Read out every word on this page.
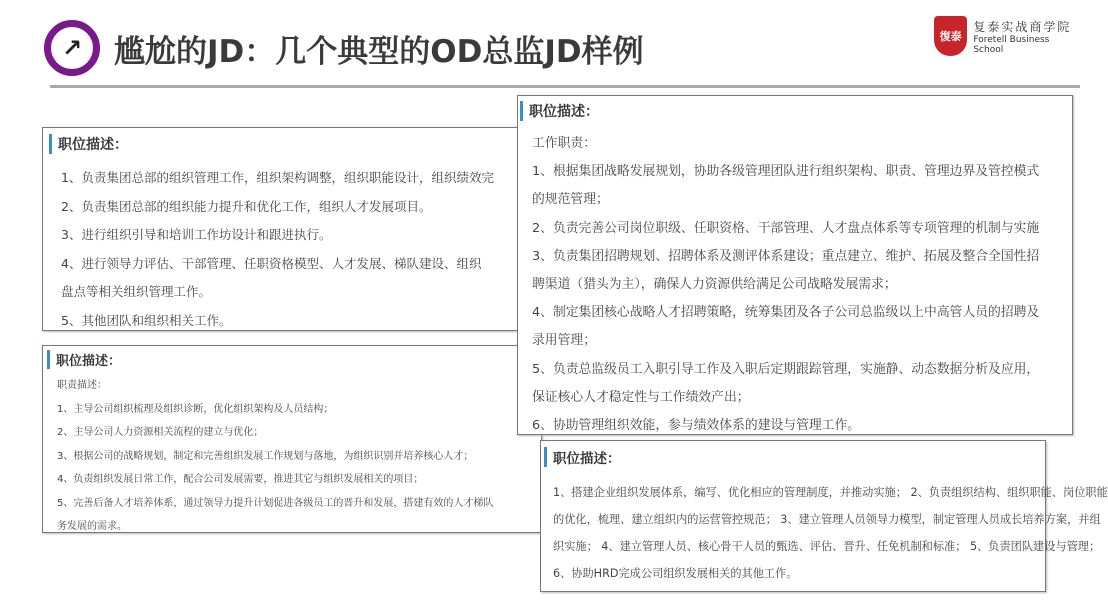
↗	尴尬的JD：几个典型的OD总监JD样例	復泰
复泰实战商学院
Foretell Business School
职位描述：
1、负责集团总部的组织管理工作，组织架构调整，组织职能设计，组织绩效完
2、负责集团总部的组织能力提升和优化工作，组织人才发展项目。
3、进行组织引导和培训工作坊设计和跟进执行。
4、进行领导力评估、干部管理、任职资格模型、人才发展、梯队建设、组织
盘点等相关组织管理工作。
5、其他团队和组织相关工作。
职位描述：
职责描述：
1、主导公司组织梳理及组织诊断，优化组织架构及人员结构；
2、主导公司人力资源相关流程的建立与优化；
3、根据公司的战略规划，制定和完善组织发展工作规划与落地，为组织识别并培养核心人才；
4、负责组织发展日常工作，配合公司发展需要，推进其它与组织发展相关的项目；
5、完善后备人才培养体系，通过领导力提升计划促进各级员工的晋升和发展，搭建有效的人才梯队
务发展的需求。
职位描述：
工作职责：
1、根据集团战略发展规划，协助各级管理团队进行组织架构、职责、管理边界及管控模式
的规范管理；
2、负责完善公司岗位职级、任职资格、干部管理、人才盘点体系等专项管理的机制与实施
3、负责集团招聘规划、招聘体系及测评体系建设；重点建立、维护、拓展及整合全国性招
聘渠道（猎头为主），确保人力资源供给满足公司战略发展需求；
4、制定集团核心战略人才招聘策略，统筹集团及各子公司总监级以上中高管人员的招聘及
录用管理；
5、负责总监级员工入职引导工作及入职后定期跟踪管理，实施静、动态数据分析及应用，
保证核心人才稳定性与工作绩效产出；
6、协助管理组织效能，参与绩效体系的建设与管理工作。
职位描述：
1、搭建企业组织发展体系，编写、优化相应的管理制度，并推动实施； 2、负责组织结构、组织职能、岗位职能
的优化，梳理、建立组织内的运营管控规范； 3、建立管理人员领导力模型，制定管理人员成长培养方案，并组
织实施； 4、建立管理人员、核心骨干人员的甄选、评估、晋升、任免机制和标准； 5、负责团队建设与管理；
6、协助HRD完成公司组织发展相关的其他工作。
